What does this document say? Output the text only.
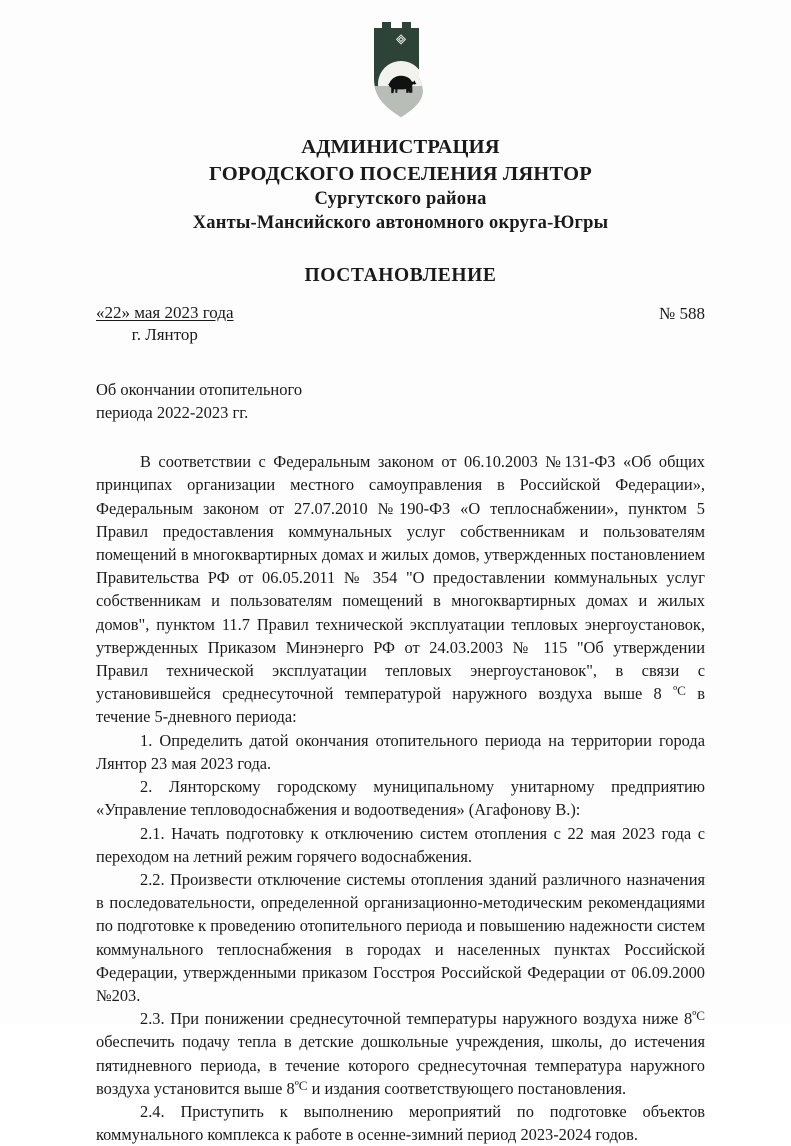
АДМИНИСТРАЦИЯ
ГОРОДСКОГО ПОСЕЛЕНИЯ ЛЯНТОР
Сургутского района
Ханты-Мансийского автономного округа-Югры
ПОСТАНОВЛЕНИЕ
«22» мая 2023 года
г. Лянтор
№ 588
Об окончании отопительного
периода 2022-2023 гг.

В соответствии с Федеральным законом от 06.10.2003 №131-ФЗ «Об общих принципах организации местного самоуправления в Российской Федерации», Федеральным законом от 27.07.2010 №190-ФЗ «О теплоснабжении», пунктом 5 Правил предоставления коммунальных услуг собственникам и пользователям помещений в многоквартирных домах и жилых домов, утвержденных постановлением Правительства РФ от 06.05.2011 № 354 "О предоставлении коммунальных услуг собственникам и пользователям помещений в многоквартирных домах и жилых домов", пунктом 11.7 Правил технической эксплуатации тепловых энергоустановок, утвержденных Приказом Минэнерго РФ от 24.03.2003 № 115 "Об утверждении Правил технической эксплуатации тепловых энергоустановок", в связи с установившейся среднесуточной температурой наружного воздуха выше 8 $^{ºC}$ в течение 5-дневного периода:

1. Определить датой окончания отопительного периода на территории города Лянтор 23 мая 2023 года.

2. Лянторскому городскому муниципальному унитарному предприятию «Управление тепловодоснабжения и водоотведения» (Агафонову В.):

2.1. Начать подготовку к отключению систем отопления с 22 мая 2023 года с переходом на летний режим горячего водоснабжения.

2.2. Произвести отключение системы отопления зданий различного назначения в последовательности, определенной организационно-методическим рекомендациями по подготовке к проведению отопительного периода и повышению надежности систем коммунального теплоснабжения в городах и населенных пунктах Российской Федерации, утвержденными приказом Госстроя Российской Федерации от 06.09.2000 №203.

2.3. При понижении среднесуточной температуры наружного воздуха ниже $8^{ºC}$ обеспечить подачу тепла в детские дошкольные учреждения, школы, до истечения пятидневного периода, в течение которого среднесуточная температура наружного воздуха установится выше $8^{ºC}$ и издания соответствующего постановления.

2.4. Приступить к выполнению мероприятий по подготовке объектов коммунального комплекса к работе в осенне-зимний период 2023-2024 годов.
